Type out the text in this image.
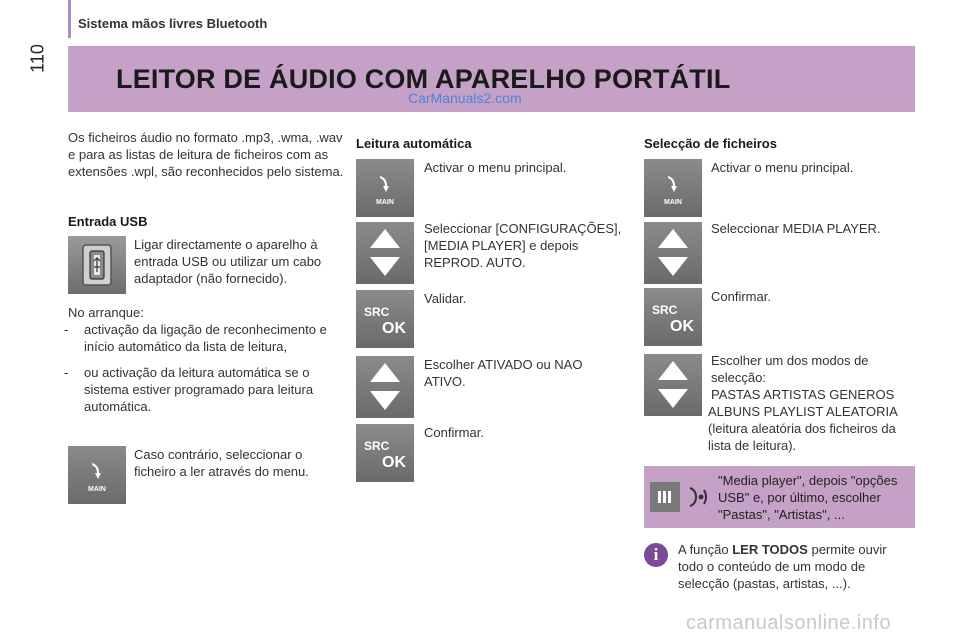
110
Sistema mãos livres Bluetooth
LEITOR DE ÁUDIO COM APARELHO PORTÁTIL
CarManuals2.com
Os ficheiros áudio no formato .mp3, .wma, .wav e para as listas de leitura de ficheiros com as extensões .wpl, são reconhecidos pelo sistema.
Entrada USB
Ligar directamente o aparelho à entrada USB ou utilizar um cabo adaptador (não fornecido).
No arranque:
-	activação da ligação de reconhecimento e início automático da lista de leitura,
-	ou activação da leitura automática se o sistema estiver programado para leitura automática.
MAIN
Caso contrário, seleccionar o ficheiro a ler através do menu.
Leitura automática
MAIN
Activar o menu principal.
Seleccionar [CONFIGURAÇÕES], [MEDIA PLAYER] e depois REPROD. AUTO.
SRC
OK
Validar.
Escolher ATIVADO ou NAO ATIVO.
SRC
OK
Confirmar.
Selecção de ficheiros
MAIN
Activar o menu principal.
Seleccionar MEDIA PLAYER.
SRC
OK
Confirmar.
Escolher um dos modos de selecção:
PASTAS ARTISTAS GENEROS
ALBUNS PLAYLIST ALEATORIA
(leitura aleatória dos ficheiros da lista de leitura).
"Media player", depois "opções USB" e, por último, escolher "Pastas", "Artistas", ...
i	A função LER TODOS permite ouvir todo o conteúdo de um modo de selecção (pastas, artistas, ...).
carmanualsonline.info
